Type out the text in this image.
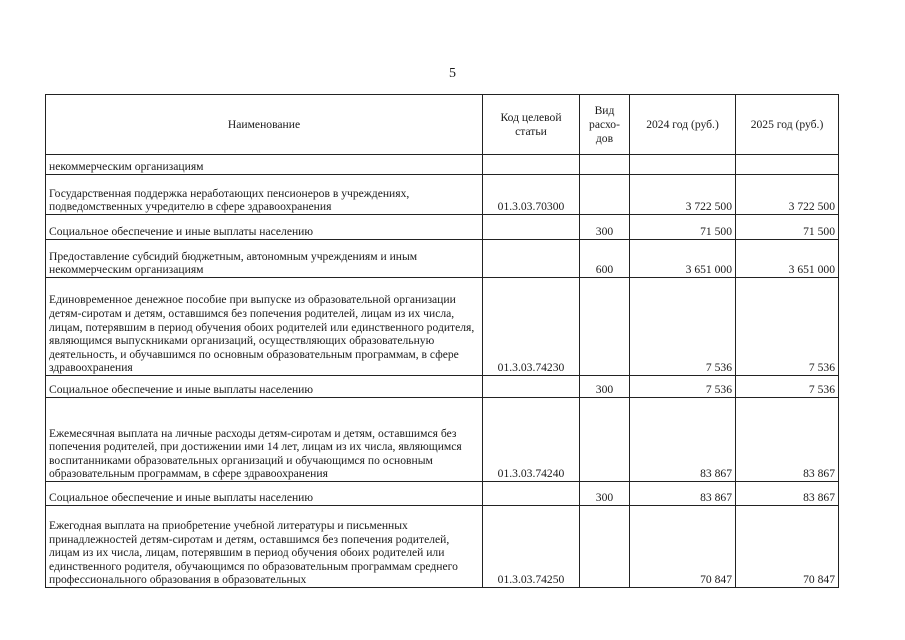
5
Наименование	Код целевой статьи	Вид расхо-дов	2024 год (руб.)	2025 год (руб.)
некоммерческим организациям				
Государственная поддержка неработающих пенсионеров в учреждениях, подведомственных учредителю в сфере здравоохранения	01.3.03.70300		3 722 500	3 722 500
Социальное обеспечение и иные выплаты населению		300	71 500	71 500
Предоставление субсидий бюджетным, автономным учреждениям и иным некоммерческим организациям		600	3 651 000	3 651 000
Единовременное денежное пособие при выпуске из образовательной организации детям-сиротам и детям, оставшимся без попечения родителей, лицам из их числа, лицам, потерявшим в период обучения обоих родителей или единственного родителя, являющимся выпускниками организаций, осуществляющих образовательную деятельность, и обучавшимся по основным образовательным программам, в сфере здравоохранения	01.3.03.74230		7 536	7 536
Социальное обеспечение и иные выплаты населению		300	7 536	7 536
Ежемесячная выплата на личные расходы детям-сиротам и детям, оставшимся без попечения родителей, при достижении ими 14 лет, лицам из их числа, являющимся воспитанниками образовательных организаций и обучающимся по основным образовательным программам, в сфере здравоохранения	01.3.03.74240		83 867	83 867
Социальное обеспечение и иные выплаты населению		300	83 867	83 867
Ежегодная выплата на приобретение учебной литературы и письменных принадлежностей детям-сиротам и детям, оставшимся без попечения родителей, лицам из их числа, лицам, потерявшим в период обучения обоих родителей или единственного родителя, обучающимся по образовательным программам среднего профессионального образования в образовательных	01.3.03.74250		70 847	70 847
